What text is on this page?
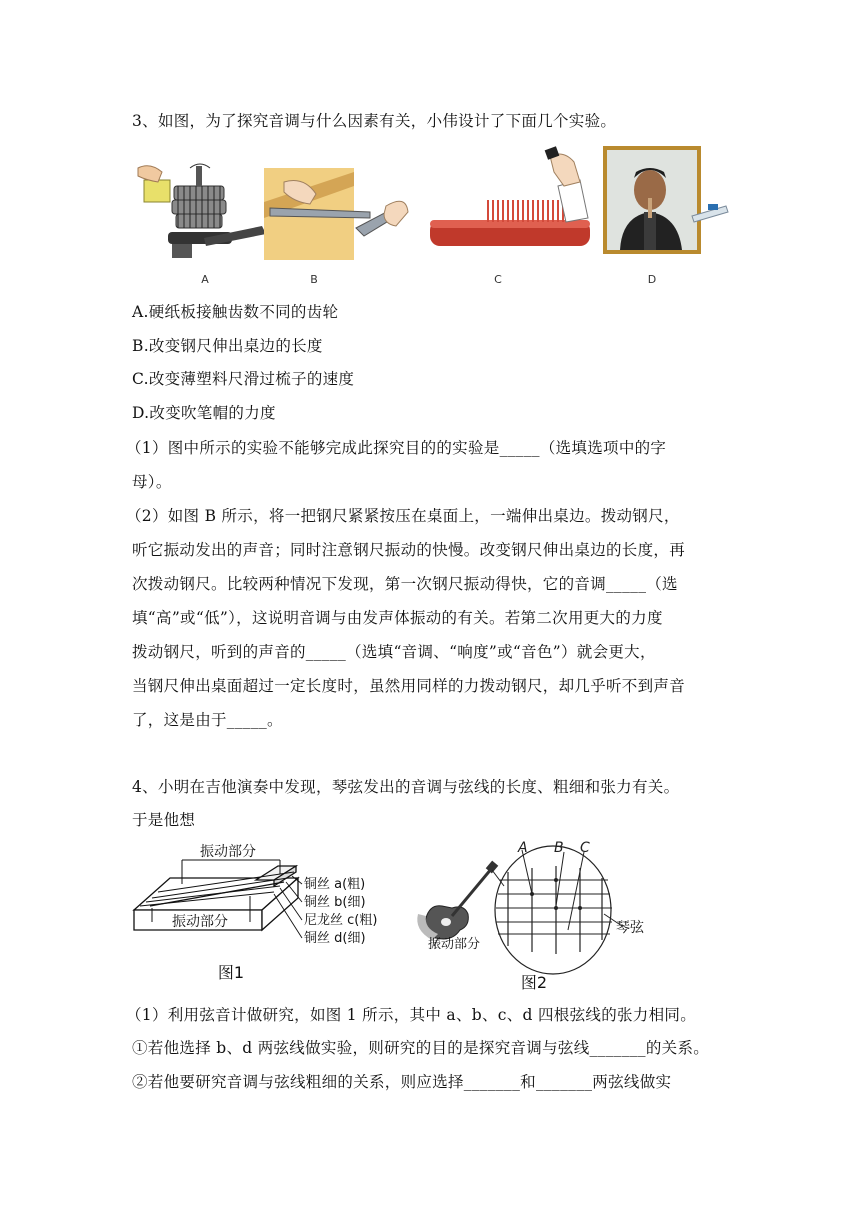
3、如图，为了探究音调与什么因素有关，小伟设计了下面几个实验。
A	B	C	D
A.硬纸板接触齿数不同的齿轮
B.改变钢尺伸出桌边的长度
C.改变薄塑料尺滑过梳子的速度
D.改变吹笔帽的力度
（1）图中所示的实验不能够完成此探究目的的实验是_____（选填选项中的字
母）。
（2）如图 B 所示，将一把钢尺紧紧按压在桌面上，一端伸出桌边。拨动钢尺，
听它振动发出的声音；同时注意钢尺振动的快慢。改变钢尺伸出桌边的长度，再
次拨动钢尺。比较两种情况下发现，第一次钢尺振动得快，它的音调_____（选
填“高”或“低”），这说明音调与由发声体振动的有关。若第二次用更大的力度
拨动钢尺，听到的声音的_____（选填“音调、“响度”或“音色”）就会更大，
当钢尺伸出桌面超过一定长度时，虽然用同样的力拨动钢尺，却几乎听不到声音
了，这是由于_____。
4、小明在吉他演奏中发现，琴弦发出的音调与弦线的长度、粗细和张力有关。
于是他想
振动部分
振动部分
铜丝 a(粗)
铜丝 b(细)
尼龙丝 c(粗)
铜丝 d(细)
图1
A B C
振动部分
琴弦
图2
（1）利用弦音计做研究，如图 1 所示，其中 a、b、c、d 四根弦线的张力相同。
①若他选择 b、d 两弦线做实验，则研究的目的是探究音调与弦线_______的关系。
②若他要研究音调与弦线粗细的关系，则应选择_______和_______两弦线做实
